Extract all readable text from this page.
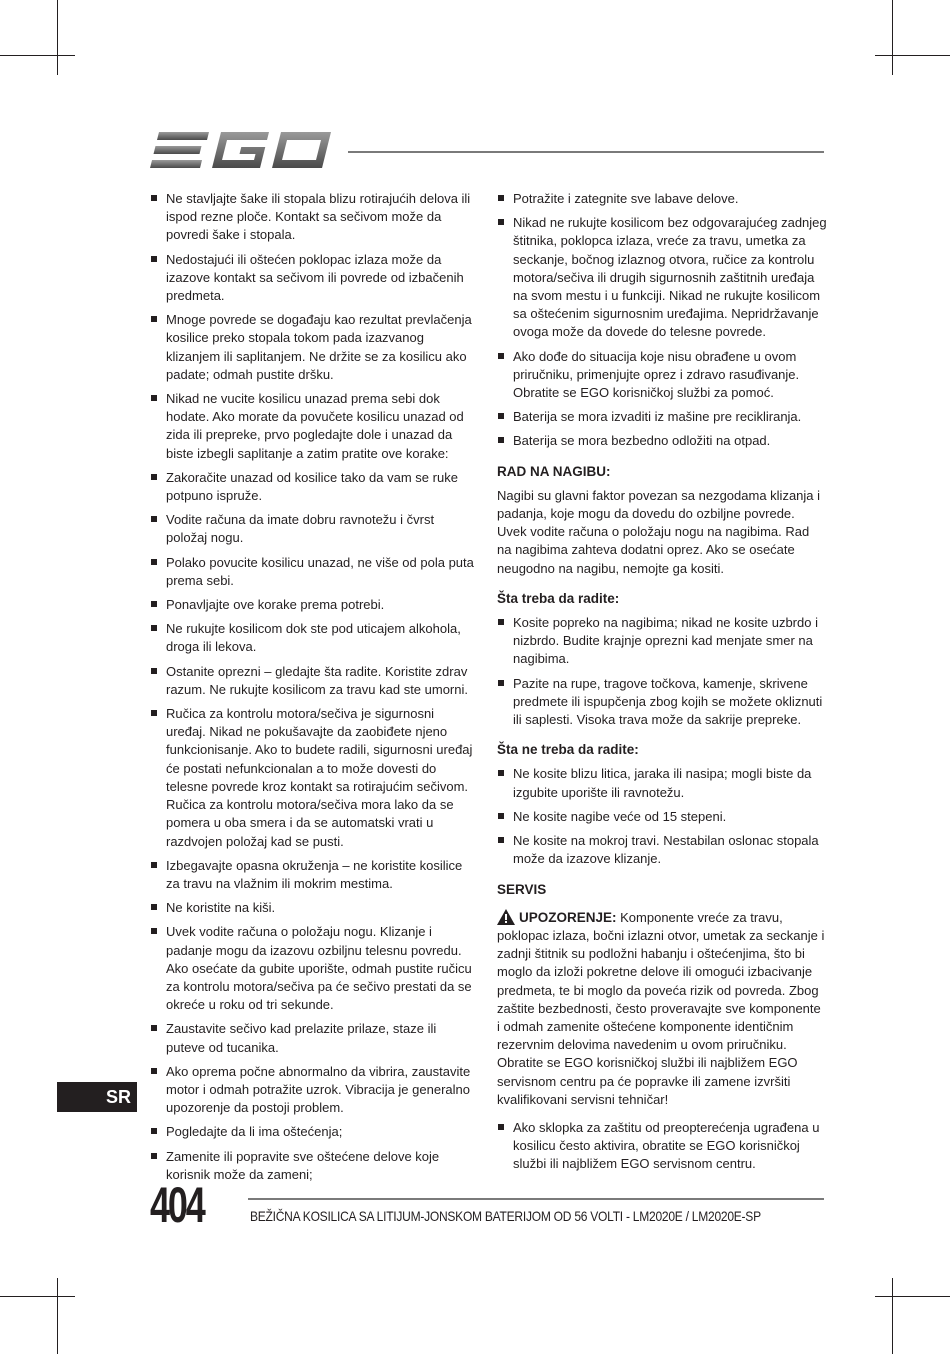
Ne stavljajte šake ili stopala blizu rotirajućih delova ili ispod rezne ploče. Kontakt sa sečivom može da povredi šake i stopala.
Nedostajući ili oštećen poklopac izlaza može da izazove kontakt sa sečivom ili povrede od izbačenih predmeta.
Mnoge povrede se događaju kao rezultat prevlačenja kosilice preko stopala tokom pada izazvanog klizanjem ili saplitanjem. Ne držite se za kosilicu ako padate; odmah pustite dršku.
Nikad ne vucite kosilicu unazad prema sebi dok hodate. Ako morate da povučete kosilicu unazad od zida ili prepreke, prvo pogledajte dole i unazad da biste izbegli saplitanje a zatim pratite ove korake:
Zakoračite unazad od kosilice tako da vam se ruke potpuno ispruže.
Vodite računa da imate dobru ravnotežu i čvrst položaj nogu.
Polako povucite kosilicu unazad, ne više od pola puta prema sebi.
Ponavljajte ove korake prema potrebi.
Ne rukujte kosilicom dok ste pod uticajem alkohola, droga ili lekova.
Ostanite oprezni – gledajte šta radite. Koristite zdrav razum. Ne rukujte kosilicom za travu kad ste umorni.
Ručica za kontrolu motora/sečiva je sigurnosni uređaj. Nikad ne pokušavajte da zaobiđete njeno funkcionisanje. Ako to budete radili, sigurnosni uređaj će postati nefunkcionalan a to može dovesti do telesne povrede kroz kontakt sa rotirajućim sečivom. Ručica za kontrolu motora/sečiva mora lako da se pomera u oba smera i da se automatski vrati u razdvojen položaj kad se pusti.
Izbegavajte opasna okruženja – ne koristite kosilice za travu na vlažnim ili mokrim mestima.
Ne koristite na kiši.
Uvek vodite računa o položaju nogu. Klizanje i padanje mogu da izazovu ozbiljnu telesnu povredu. Ako osećate da gubite uporište, odmah pustite ručicu za kontrolu motora/sečiva pa će sečivo prestati da se okreće u roku od tri sekunde.
Zaustavite sečivo kad prelazite prilaze, staze ili puteve od tucanika.
Ako oprema počne abnormalno da vibrira, zaustavite motor i odmah potražite uzrok. Vibracija je generalno upozorenje da postoji problem.
Pogledajte da li ima oštećenja;
Zamenite ili popravite sve oštećene delove koje korisnik može da zameni;
Potražite i zategnite sve labave delove.
Nikad ne rukujte kosilicom bez odgovarajućeg zadnjeg štitnika, poklopca izlaza, vreće za travu, umetka za seckanje, bočnog izlaznog otvora, ručice za kontrolu motora/sečiva ili drugih sigurnosnih zaštitnih uređaja na svom mestu i u funkciji. Nikad ne rukujte kosilicom sa oštećenim sigurnosnim uređajima. Nepridržavanje ovoga može da dovede do telesne povrede.
Ako dođe do situacija koje nisu obrađene u ovom priručniku, primenjujte oprez i zdravo rasuđivanje. Obratite se EGO korisničkoj službi za pomoć.
Baterija se mora izvaditi iz mašine pre recikliranja.
Baterija se mora bezbedno odložiti na otpad.
RAD NA NAGIBU:

Nagibi su glavni faktor povezan sa nezgodama klizanja i padanja, koje mogu da dovedu do ozbiljne povrede. Uvek vodite računa o položaju nogu na nagibima. Rad na nagibima zahteva dodatni oprez. Ako se osećate neugodno na nagibu, nemojte ga kositi.

Šta treba da radite:
Kosite popreko na nagibima; nikad ne kosite uzbrdo i nizbrdo. Budite krajnje oprezni kad menjate smer na nagibima.
Pazite na rupe, tragove točkova, kamenje, skrivene predmete ili ispupčenja zbog kojih se možete okliznuti ili saplesti. Visoka trava može da sakrije prepreke.
Šta ne treba da radite:
Ne kosite blizu litica, jaraka ili nasipa; mogli biste da izgubite uporište ili ravnotežu.
Ne kosite nagibe veće od 15 stepeni.
Ne kosite na mokroj travi. Nestabilan oslonac stopala može da izazove klizanje.
SERVIS

UPOZORENJE: Komponente vreće za travu, poklopac izlaza, bočni izlazni otvor, umetak za seckanje i zadnji štitnik su podložni habanju i oštećenjima, što bi moglo da izloži pokretne delove ili omogući izbacivanje predmeta, te bi moglo da poveća rizik od povreda. Zbog zaštite bezbednosti, često proveravajte sve komponente i odmah zamenite oštećene komponente identičnim rezervnim delovima navedenim u ovom priručniku. Obratite se EGO korisničkoj službi ili najbližem EGO servisnom centru pa će popravke ili zamene izvršiti kvalifikovani servisni tehničar!

Ako sklopka za zaštitu od preopterećenja ugrađena u kosilicu često aktivira, obratite se EGO korisničkoj službi ili najbližem EGO servisnom centru.
SR
404	BEŽIČNA KOSILICA SA LITIJUM-JONSKOM BATERIJOM OD 56 VOLTI - LM2020E / LM2020E-SP
